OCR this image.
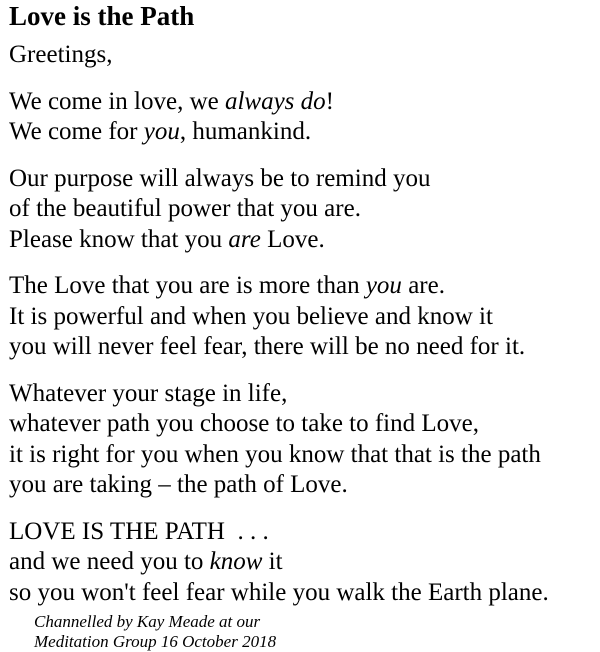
Love is the Path

Greetings,

We come in love, we always do!
We come for you, humankind.

Our purpose will always be to remind you
of the beautiful power that you are.
Please know that you are Love.

The Love that you are is more than you are.
It is powerful and when you believe and know it
you will never feel fear, there will be no need for it.

Whatever your stage in life,
whatever path you choose to take to find Love,
it is right for you when you know that that is the path
you are taking – the path of Love.

LOVE IS THE PATH  . . .
and we need you to know it
so you won't feel fear while you walk the Earth plane.

Channelled by Kay Meade at our
Meditation Group 16 October 2018
